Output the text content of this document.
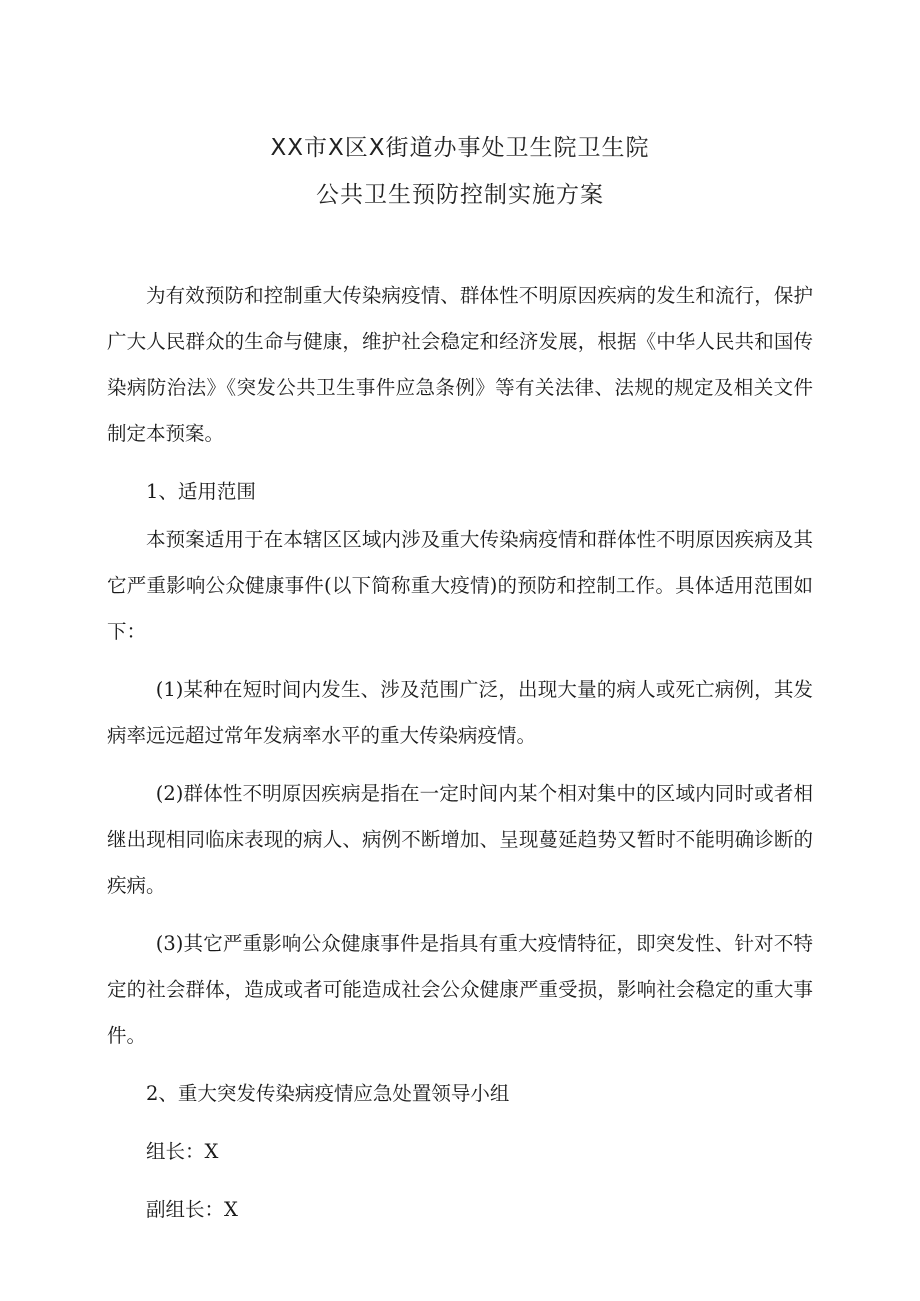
XX市X区X街道办事处卫生院卫生院
公共卫生预防控制实施方案

为有效预防和控制重大传染病疫情、群体性不明原因疾病的发生和流行，保护广大人民群众的生命与健康，维护社会稳定和经济发展，根据《中华人民共和国传染病防治法》《突发公共卫生事件应急条例》等有关法律、法规的规定及相关文件制定本预案。

1、适用范围

本预案适用于在本辖区区域内涉及重大传染病疫情和群体性不明原因疾病及其它严重影响公众健康事件(以下简称重大疫情)的预防和控制工作。具体适用范围如下：

(1)某种在短时间内发生、涉及范围广泛，出现大量的病人或死亡病例，其发病率远远超过常年发病率水平的重大传染病疫情。

(2)群体性不明原因疾病是指在一定时间内某个相对集中的区域内同时或者相继出现相同临床表现的病人、病例不断增加、呈现蔓延趋势又暂时不能明确诊断的疾病。

(3)其它严重影响公众健康事件是指具有重大疫情特征，即突发性、针对不特定的社会群体，造成或者可能造成社会公众健康严重受损，影响社会稳定的重大事件。

2、重大突发传染病疫情应急处置领导小组

组长：X

副组长：X
